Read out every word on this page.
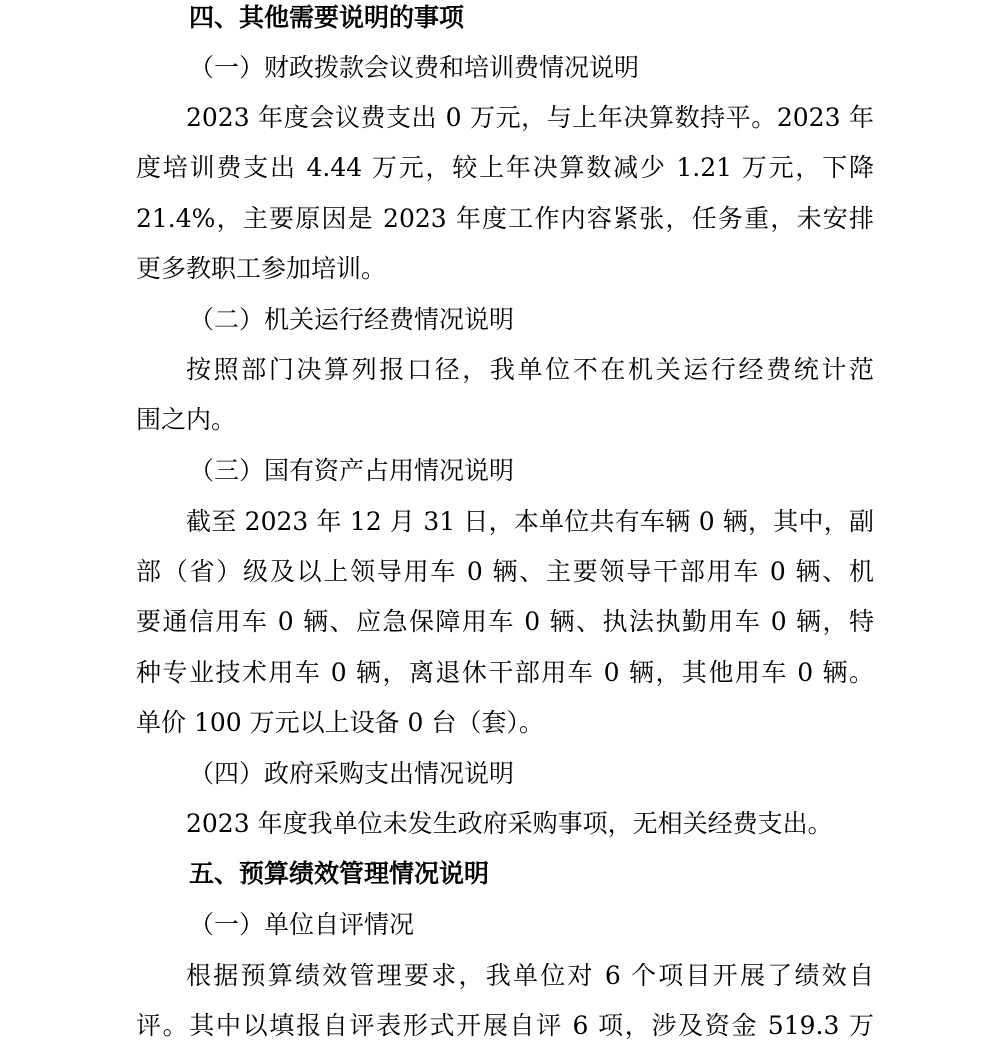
四、其他需要说明的事项
（一）财政拨款会议费和培训费情况说明
2023 年度会议费支出 0 万元，与上年决算数持平。2023 年
度培训费支出 4.44 万元，较上年决算数减少 1.21 万元，下降
21.4%，主要原因是 2023 年度工作内容紧张，任务重，未安排
更多教职工参加培训。
（二）机关运行经费情况说明
按照部门决算列报口径，我单位不在机关运行经费统计范
围之内。
（三）国有资产占用情况说明
截至 2023 年 12 月 31 日，本单位共有车辆 0 辆，其中，副
部（省）级及以上领导用车 0 辆、主要领导干部用车 0 辆、机
要通信用车 0 辆、应急保障用车 0 辆、执法执勤用车 0 辆，特
种专业技术用车 0 辆，离退休干部用车 0 辆，其他用车 0 辆。
单价 100 万元以上设备 0 台（套）。
（四）政府采购支出情况说明
2023 年度我单位未发生政府采购事项，无相关经费支出。
五、预算绩效管理情况说明
（一）单位自评情况
根据预算绩效管理要求，我单位对 6 个项目开展了绩效自
评。其中以填报自评表形式开展自评 6 项，涉及资金 519.3 万
